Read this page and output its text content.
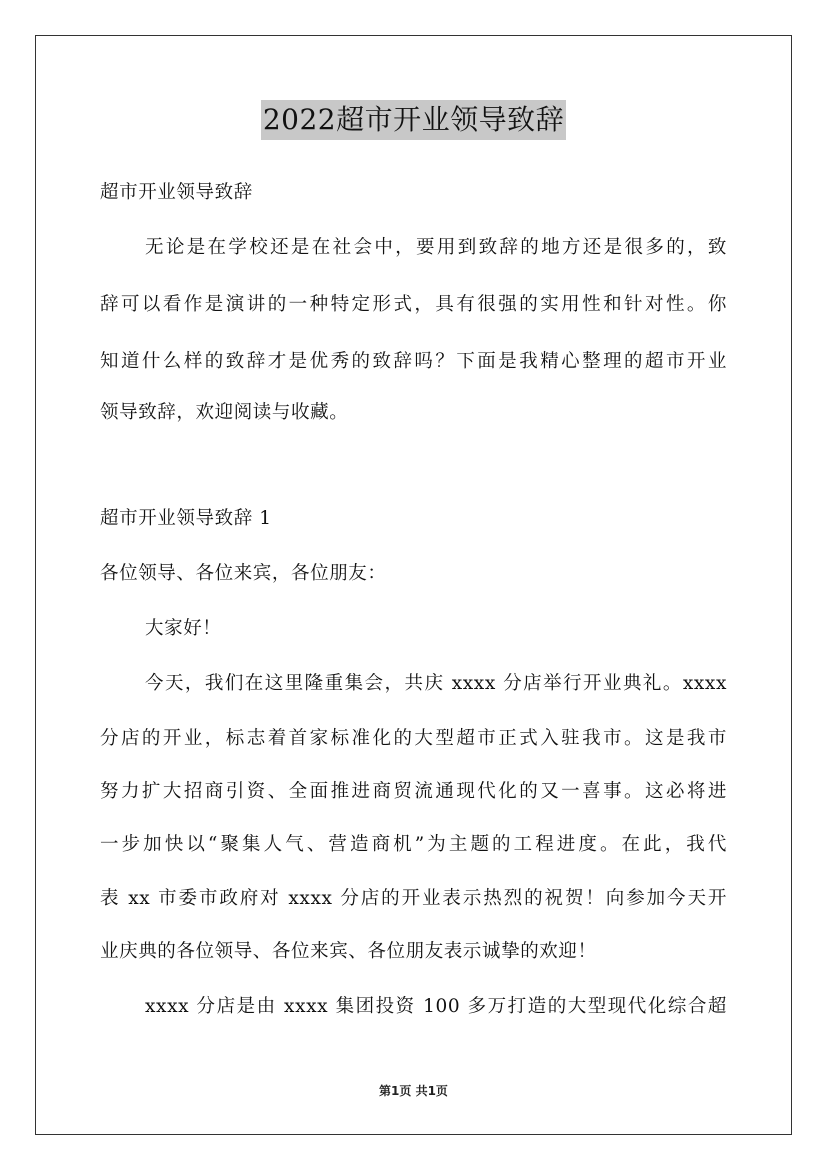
2022超市开业领导致辞
超市开业领导致辞
无论是在学校还是在社会中，要用到致辞的地方还是很多的，致
辞可以看作是演讲的一种特定形式，具有很强的实用性和针对性。你
知道什么样的致辞才是优秀的致辞吗？下面是我精心整理的超市开业
领导致辞，欢迎阅读与收藏。
超市开业领导致辞 1
各位领导、各位来宾，各位朋友：
大家好！
今天，我们在这里隆重集会，共庆 xxxx 分店举行开业典礼。xxxx
分店的开业，标志着首家标准化的大型超市正式入驻我市。这是我市
努力扩大招商引资、全面推进商贸流通现代化的又一喜事。这必将进
一步加快以“聚集人气、营造商机”为主题的工程进度。在此，我代
表 xx 市委市政府对 xxxx 分店的开业表示热烈的祝贺！向参加今天开
业庆典的各位领导、各位来宾、各位朋友表示诚挚的欢迎！
xxxx 分店是由 xxxx 集团投资 100 多万打造的大型现代化综合超
第1页 共1页
